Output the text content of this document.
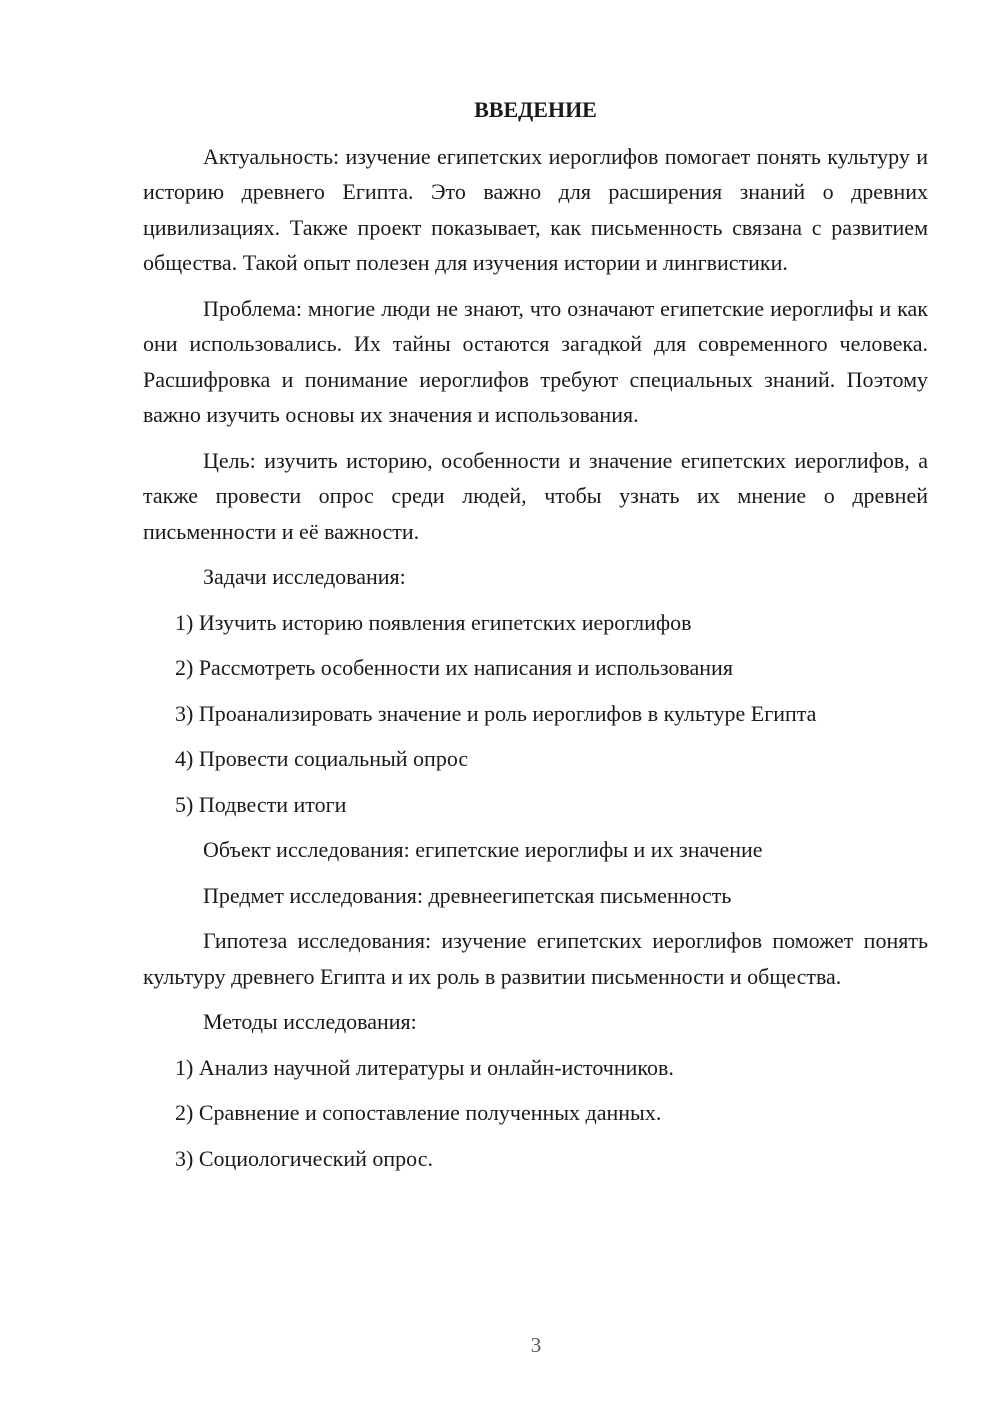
ВВЕДЕНИЕ

Актуальность: изучение египетских иероглифов помогает понять культуру и историю древнего Египта. Это важно для расширения знаний о древних цивилизациях. Также проект показывает, как письменность связана с развитием общества. Такой опыт полезен для изучения истории и лингвистики.

Проблема: многие люди не знают, что означают египетские иероглифы и как они использовались. Их тайны остаются загадкой для современного человека. Расшифровка и понимание иероглифов требуют специальных знаний. Поэтому важно изучить основы их значения и использования.

Цель: изучить историю, особенности и значение египетских иероглифов, а также провести опрос среди людей, чтобы узнать их мнение о древней письменности и её важности.

Задачи исследования:

1) Изучить историю появления египетских иероглифов

2) Рассмотреть особенности их написания и использования

3) Проанализировать значение и роль иероглифов в культуре Египта

4) Провести социальный опрос

5) Подвести итоги

Объект исследования: египетские иероглифы и их значение

Предмет исследования: древнеегипетская письменность

Гипотеза исследования: изучение египетских иероглифов поможет понять культуру древнего Египта и их роль в развитии письменности и общества.

Методы исследования:

1) Анализ научной литературы и онлайн-источников.

2) Сравнение и сопоставление полученных данных.

3) Социологический опрос.

3
